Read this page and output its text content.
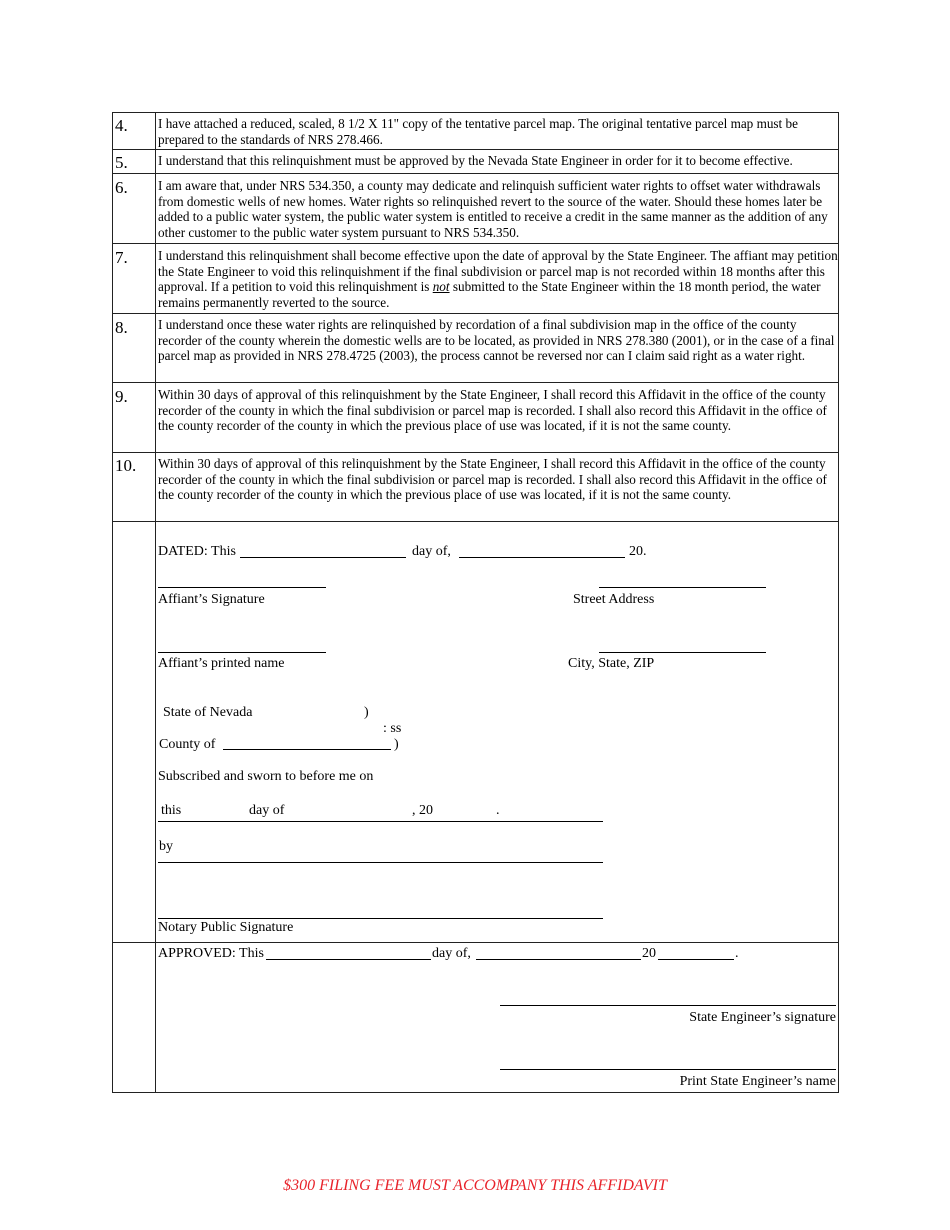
4. I have attached a reduced, scaled, 8 1/2 X 11" copy of the tentative parcel map. The original tentative parcel map must be prepared to the standards of NRS 278.466.
5. I understand that this relinquishment must be approved by the Nevada State Engineer in order for it to become effective.
6. I am aware that, under NRS 534.350, a county may dedicate and relinquish sufficient water rights to offset water withdrawals from domestic wells of new homes. Water rights so relinquished revert to the source of the water. Should these homes later be added to a public water system, the public water system is entitled to receive a credit in the same manner as the addition of any other customer to the public water system pursuant to NRS 534.350.
7. I understand this relinquishment shall become effective upon the date of approval by the State Engineer. The affiant may petition the State Engineer to void this relinquishment if the final subdivision or parcel map is not recorded within 18 months after this approval. If a petition to void this relinquishment is not submitted to the State Engineer within the 18 month period, the water remains permanently reverted to the source.
8. I understand once these water rights are relinquished by recordation of a final subdivision map in the office of the county recorder of the county wherein the domestic wells are to be located, as provided in NRS 278.380 (2001), or in the case of a final parcel map as provided in NRS 278.4725 (2003), the process cannot be reversed nor can I claim said right as a water right.
9. Within 30 days of approval of this relinquishment by the State Engineer, I shall record this Affidavit in the office of the county recorder of the county in which the final subdivision or parcel map is recorded. I shall also record this Affidavit in the office of the county recorder of the county in which the previous place of use was located, if it is not the same county.
10. Within 30 days of approval of this relinquishment by the State Engineer, I shall record this Affidavit in the office of the county recorder of the county in which the final subdivision or parcel map is recorded. I shall also record this Affidavit in the office of the county recorder of the county in which the previous place of use was located, if it is not the same county.
DATED: This	day of,	20.
Affiant’s Signature	Street Address
Affiant’s printed name	City, State, ZIP
State of Nevada	)
: ss
County of	)
Subscribed and sworn to before me on
this	day of	, 20	.
by
Notary Public Signature
APPROVED: This	day of,	20	.
State Engineer’s signature
Print State Engineer’s name
$300 FILING FEE MUST ACCOMPANY THIS AFFIDAVIT
